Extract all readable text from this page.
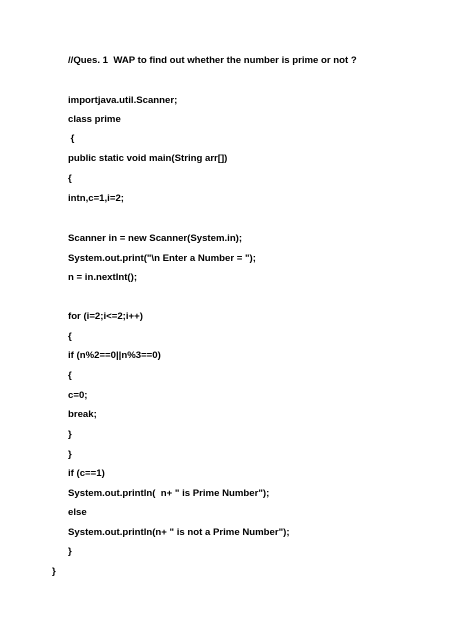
//Ques. 1  WAP to find out whether the number is prime or not ?
importjava.util.Scanner;
class prime
{
public static void main(String arr[])
{
intn,c=1,i=2;
Scanner in = new Scanner(System.in);
System.out.print("\n Enter a Number = ");
n = in.nextInt();
for (i=2;i<=2;i++)
{
if (n%2==0||n%3==0)
{
c=0;
break;
}
}
if (c==1)
System.out.println(  n+ " is Prime Number");
else
System.out.println(n+ " is not a Prime Number");
}
}
